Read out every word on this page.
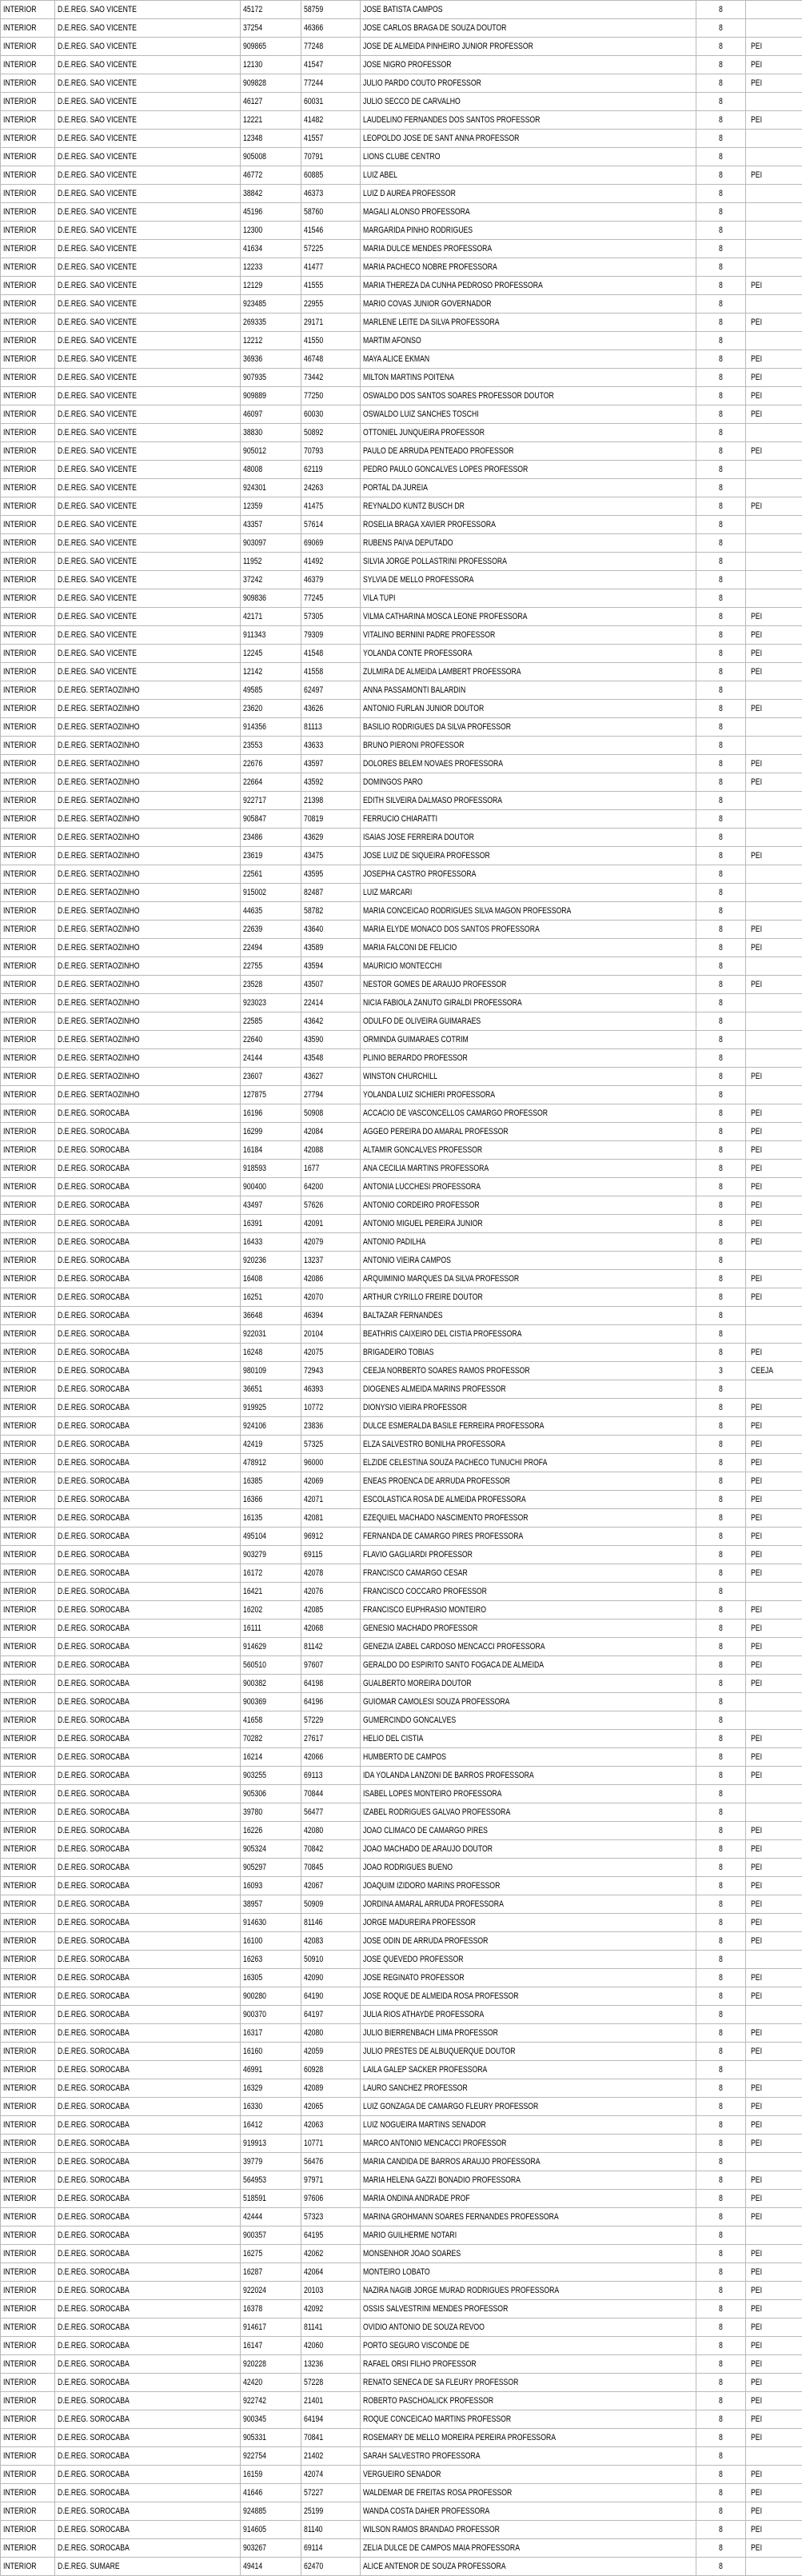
INTERIOR	D.E.REG. SAO VICENTE	45172	58759	JOSE BATISTA CAMPOS	8	
INTERIOR	D.E.REG. SAO VICENTE	37254	46366	JOSE CARLOS BRAGA DE SOUZA DOUTOR	8	
INTERIOR	D.E.REG. SAO VICENTE	909865	77248	JOSE DE ALMEIDA PINHEIRO JUNIOR PROFESSOR	8	PEI
INTERIOR	D.E.REG. SAO VICENTE	12130	41547	JOSE NIGRO PROFESSOR	8	PEI
INTERIOR	D.E.REG. SAO VICENTE	909828	77244	JULIO PARDO COUTO PROFESSOR	8	PEI
INTERIOR	D.E.REG. SAO VICENTE	46127	60031	JULIO SECCO DE CARVALHO	8	
INTERIOR	D.E.REG. SAO VICENTE	12221	41482	LAUDELINO FERNANDES DOS SANTOS PROFESSOR	8	PEI
INTERIOR	D.E.REG. SAO VICENTE	12348	41557	LEOPOLDO JOSE DE SANT ANNA PROFESSOR	8	
INTERIOR	D.E.REG. SAO VICENTE	905008	70791	LIONS CLUBE CENTRO	8	
INTERIOR	D.E.REG. SAO VICENTE	46772	60885	LUIZ ABEL	8	PEI
INTERIOR	D.E.REG. SAO VICENTE	38842	46373	LUIZ D AUREA PROFESSOR	8	
INTERIOR	D.E.REG. SAO VICENTE	45196	58760	MAGALI ALONSO PROFESSORA	8	
INTERIOR	D.E.REG. SAO VICENTE	12300	41546	MARGARIDA PINHO RODRIGUES	8	
INTERIOR	D.E.REG. SAO VICENTE	41634	57225	MARIA DULCE MENDES PROFESSORA	8	
INTERIOR	D.E.REG. SAO VICENTE	12233	41477	MARIA PACHECO NOBRE PROFESSORA	8	
INTERIOR	D.E.REG. SAO VICENTE	12129	41555	MARIA THEREZA DA CUNHA PEDROSO PROFESSORA	8	PEI
INTERIOR	D.E.REG. SAO VICENTE	923485	22955	MARIO COVAS JUNIOR GOVERNADOR	8	
INTERIOR	D.E.REG. SAO VICENTE	269335	29171	MARLENE LEITE DA SILVA PROFESSORA	8	PEI
INTERIOR	D.E.REG. SAO VICENTE	12212	41550	MARTIM AFONSO	8	
INTERIOR	D.E.REG. SAO VICENTE	36936	46748	MAYA ALICE EKMAN	8	PEI
INTERIOR	D.E.REG. SAO VICENTE	907935	73442	MILTON MARTINS POITENA	8	PEI
INTERIOR	D.E.REG. SAO VICENTE	909889	77250	OSWALDO DOS SANTOS SOARES PROFESSOR DOUTOR	8	PEI
INTERIOR	D.E.REG. SAO VICENTE	46097	60030	OSWALDO LUIZ SANCHES TOSCHI	8	PEI
INTERIOR	D.E.REG. SAO VICENTE	38830	50892	OTTONIEL JUNQUEIRA PROFESSOR	8	
INTERIOR	D.E.REG. SAO VICENTE	905012	70793	PAULO DE ARRUDA PENTEADO PROFESSOR	8	PEI
INTERIOR	D.E.REG. SAO VICENTE	48008	62119	PEDRO PAULO GONCALVES LOPES PROFESSOR	8	
INTERIOR	D.E.REG. SAO VICENTE	924301	24263	PORTAL DA JUREIA	8	
INTERIOR	D.E.REG. SAO VICENTE	12359	41475	REYNALDO KUNTZ BUSCH DR	8	PEI
INTERIOR	D.E.REG. SAO VICENTE	43357	57614	ROSELIA BRAGA XAVIER PROFESSORA	8	
INTERIOR	D.E.REG. SAO VICENTE	903097	69069	RUBENS PAIVA DEPUTADO	8	
INTERIOR	D.E.REG. SAO VICENTE	11952	41492	SILVIA JORGE POLLASTRINI PROFESSORA	8	
INTERIOR	D.E.REG. SAO VICENTE	37242	46379	SYLVIA DE MELLO PROFESSORA	8	
INTERIOR	D.E.REG. SAO VICENTE	909836	77245	VILA TUPI	8	
INTERIOR	D.E.REG. SAO VICENTE	42171	57305	VILMA CATHARINA MOSCA LEONE PROFESSORA	8	PEI
INTERIOR	D.E.REG. SAO VICENTE	911343	79309	VITALINO BERNINI PADRE PROFESSOR	8	PEI
INTERIOR	D.E.REG. SAO VICENTE	12245	41548	YOLANDA CONTE PROFESSORA	8	PEI
INTERIOR	D.E.REG. SAO VICENTE	12142	41558	ZULMIRA DE ALMEIDA LAMBERT PROFESSORA	8	PEI
INTERIOR	D.E.REG. SERTAOZINHO	49585	62497	ANNA PASSAMONTI BALARDIN	8	
INTERIOR	D.E.REG. SERTAOZINHO	23620	43626	ANTONIO FURLAN JUNIOR DOUTOR	8	PEI
INTERIOR	D.E.REG. SERTAOZINHO	914356	81113	BASILIO RODRIGUES DA SILVA PROFESSOR	8	
INTERIOR	D.E.REG. SERTAOZINHO	23553	43633	BRUNO PIERONI PROFESSOR	8	
INTERIOR	D.E.REG. SERTAOZINHO	22676	43597	DOLORES BELEM NOVAES PROFESSORA	8	PEI
INTERIOR	D.E.REG. SERTAOZINHO	22664	43592	DOMINGOS PARO	8	PEI
INTERIOR	D.E.REG. SERTAOZINHO	922717	21398	EDITH SILVEIRA DALMASO PROFESSORA	8	
INTERIOR	D.E.REG. SERTAOZINHO	905847	70819	FERRUCIO CHIARATTI	8	
INTERIOR	D.E.REG. SERTAOZINHO	23486	43629	ISAIAS JOSE FERREIRA DOUTOR	8	
INTERIOR	D.E.REG. SERTAOZINHO	23619	43475	JOSE LUIZ DE SIQUEIRA PROFESSOR	8	PEI
INTERIOR	D.E.REG. SERTAOZINHO	22561	43595	JOSEPHA CASTRO PROFESSORA	8	
INTERIOR	D.E.REG. SERTAOZINHO	915002	82487	LUIZ MARCARI	8	
INTERIOR	D.E.REG. SERTAOZINHO	44635	58782	MARIA CONCEICAO RODRIGUES SILVA MAGON PROFESSORA	8	
INTERIOR	D.E.REG. SERTAOZINHO	22639	43640	MARIA ELYDE MONACO DOS SANTOS PROFESSORA	8	PEI
INTERIOR	D.E.REG. SERTAOZINHO	22494	43589	MARIA FALCONI DE FELICIO	8	PEI
INTERIOR	D.E.REG. SERTAOZINHO	22755	43594	MAURICIO MONTECCHI	8	
INTERIOR	D.E.REG. SERTAOZINHO	23528	43507	NESTOR GOMES DE ARAUJO PROFESSOR	8	PEI
INTERIOR	D.E.REG. SERTAOZINHO	923023	22414	NICIA FABIOLA ZANUTO GIRALDI PROFESSORA	8	
INTERIOR	D.E.REG. SERTAOZINHO	22585	43642	ODULFO DE OLIVEIRA GUIMARAES	8	
INTERIOR	D.E.REG. SERTAOZINHO	22640	43590	ORMINDA GUIMARAES COTRIM	8	
INTERIOR	D.E.REG. SERTAOZINHO	24144	43548	PLINIO BERARDO PROFESSOR	8	
INTERIOR	D.E.REG. SERTAOZINHO	23607	43627	WINSTON CHURCHILL	8	PEI
INTERIOR	D.E.REG. SERTAOZINHO	127875	27794	YOLANDA LUIZ SICHIERI PROFESSORA	8	
INTERIOR	D.E.REG. SOROCABA	16196	50908	ACCACIO DE VASCONCELLOS CAMARGO PROFESSOR	8	PEI
INTERIOR	D.E.REG. SOROCABA	16299	42084	AGGEO PEREIRA DO AMARAL PROFESSOR	8	PEI
INTERIOR	D.E.REG. SOROCABA	16184	42088	ALTAMIR GONCALVES PROFESSOR	8	PEI
INTERIOR	D.E.REG. SOROCABA	918593	1677	ANA CECILIA MARTINS PROFESSORA	8	PEI
INTERIOR	D.E.REG. SOROCABA	900400	64200	ANTONIA LUCCHESI PROFESSORA	8	PEI
INTERIOR	D.E.REG. SOROCABA	43497	57626	ANTONIO CORDEIRO PROFESSOR	8	PEI
INTERIOR	D.E.REG. SOROCABA	16391	42091	ANTONIO MIGUEL PEREIRA JUNIOR	8	PEI
INTERIOR	D.E.REG. SOROCABA	16433	42079	ANTONIO PADILHA	8	PEI
INTERIOR	D.E.REG. SOROCABA	920236	13237	ANTONIO VIEIRA CAMPOS	8	
INTERIOR	D.E.REG. SOROCABA	16408	42086	ARQUIMINIO MARQUES DA SILVA PROFESSOR	8	PEI
INTERIOR	D.E.REG. SOROCABA	16251	42070	ARTHUR CYRILLO FREIRE DOUTOR	8	PEI
INTERIOR	D.E.REG. SOROCABA	36648	46394	BALTAZAR FERNANDES	8	
INTERIOR	D.E.REG. SOROCABA	922031	20104	BEATHRIS CAIXEIRO DEL CISTIA PROFESSORA	8	
INTERIOR	D.E.REG. SOROCABA	16248	42075	BRIGADEIRO TOBIAS	8	PEI
INTERIOR	D.E.REG. SOROCABA	980109	72943	CEEJA NORBERTO SOARES RAMOS PROFESSOR	3	CEEJA
INTERIOR	D.E.REG. SOROCABA	36651	46393	DIOGENES ALMEIDA MARINS PROFESSOR	8	
INTERIOR	D.E.REG. SOROCABA	919925	10772	DIONYSIO VIEIRA PROFESSOR	8	PEI
INTERIOR	D.E.REG. SOROCABA	924106	23836	DULCE ESMERALDA BASILE FERREIRA PROFESSORA	8	PEI
INTERIOR	D.E.REG. SOROCABA	42419	57325	ELZA SALVESTRO BONILHA PROFESSORA	8	PEI
INTERIOR	D.E.REG. SOROCABA	478912	96000	ELZIDE CELESTINA SOUZA PACHECO TUNUCHI PROFA	8	PEI
INTERIOR	D.E.REG. SOROCABA	16385	42069	ENEAS PROENCA DE ARRUDA PROFESSOR	8	PEI
INTERIOR	D.E.REG. SOROCABA	16366	42071	ESCOLASTICA ROSA DE ALMEIDA PROFESSORA	8	PEI
INTERIOR	D.E.REG. SOROCABA	16135	42081	EZEQUIEL MACHADO NASCIMENTO PROFESSOR	8	PEI
INTERIOR	D.E.REG. SOROCABA	495104	96912	FERNANDA DE CAMARGO PIRES PROFESSORA	8	PEI
INTERIOR	D.E.REG. SOROCABA	903279	69115	FLAVIO GAGLIARDI PROFESSOR	8	PEI
INTERIOR	D.E.REG. SOROCABA	16172	42078	FRANCISCO CAMARGO CESAR	8	PEI
INTERIOR	D.E.REG. SOROCABA	16421	42076	FRANCISCO COCCARO PROFESSOR	8	
INTERIOR	D.E.REG. SOROCABA	16202	42085	FRANCISCO EUPHRASIO MONTEIRO	8	PEI
INTERIOR	D.E.REG. SOROCABA	16111	42068	GENESIO MACHADO PROFESSOR	8	PEI
INTERIOR	D.E.REG. SOROCABA	914629	81142	GENEZIA IZABEL CARDOSO MENCACCI PROFESSORA	8	PEI
INTERIOR	D.E.REG. SOROCABA	560510	97607	GERALDO DO ESPIRITO SANTO FOGACA DE ALMEIDA	8	PEI
INTERIOR	D.E.REG. SOROCABA	900382	64198	GUALBERTO MOREIRA DOUTOR	8	PEI
INTERIOR	D.E.REG. SOROCABA	900369	64196	GUIOMAR CAMOLESI SOUZA PROFESSORA	8	
INTERIOR	D.E.REG. SOROCABA	41658	57229	GUMERCINDO GONCALVES	8	
INTERIOR	D.E.REG. SOROCABA	70282	27617	HELIO DEL CISTIA	8	PEI
INTERIOR	D.E.REG. SOROCABA	16214	42066	HUMBERTO DE CAMPOS	8	PEI
INTERIOR	D.E.REG. SOROCABA	903255	69113	IDA YOLANDA LANZONI DE BARROS PROFESSORA	8	PEI
INTERIOR	D.E.REG. SOROCABA	905306	70844	ISABEL LOPES MONTEIRO PROFESSORA	8	
INTERIOR	D.E.REG. SOROCABA	39780	56477	IZABEL RODRIGUES GALVAO PROFESSORA	8	
INTERIOR	D.E.REG. SOROCABA	16226	42080	JOAO CLIMACO DE CAMARGO PIRES	8	PEI
INTERIOR	D.E.REG. SOROCABA	905324	70842	JOAO MACHADO DE ARAUJO DOUTOR	8	PEI
INTERIOR	D.E.REG. SOROCABA	905297	70845	JOAO RODRIGUES BUENO	8	PEI
INTERIOR	D.E.REG. SOROCABA	16093	42067	JOAQUIM IZIDORO MARINS PROFESSOR	8	PEI
INTERIOR	D.E.REG. SOROCABA	38957	50909	JORDINA AMARAL ARRUDA PROFESSORA	8	PEI
INTERIOR	D.E.REG. SOROCABA	914630	81146	JORGE MADUREIRA PROFESSOR	8	PEI
INTERIOR	D.E.REG. SOROCABA	16100	42083	JOSE ODIN DE ARRUDA PROFESSOR	8	PEI
INTERIOR	D.E.REG. SOROCABA	16263	50910	JOSE QUEVEDO PROFESSOR	8	
INTERIOR	D.E.REG. SOROCABA	16305	42090	JOSE REGINATO PROFESSOR	8	PEI
INTERIOR	D.E.REG. SOROCABA	900280	64190	JOSE ROQUE DE ALMEIDA ROSA PROFESSOR	8	PEI
INTERIOR	D.E.REG. SOROCABA	900370	64197	JULIA RIOS ATHAYDE PROFESSORA	8	
INTERIOR	D.E.REG. SOROCABA	16317	42080	JULIO BIERRENBACH LIMA PROFESSOR	8	PEI
INTERIOR	D.E.REG. SOROCABA	16160	42059	JULIO PRESTES DE ALBUQUERQUE DOUTOR	8	PEI
INTERIOR	D.E.REG. SOROCABA	46991	60928	LAILA GALEP SACKER PROFESSORA	8	
INTERIOR	D.E.REG. SOROCABA	16329	42089	LAURO SANCHEZ PROFESSOR	8	PEI
INTERIOR	D.E.REG. SOROCABA	16330	42065	LUIZ GONZAGA DE CAMARGO FLEURY PROFESSOR	8	PEI
INTERIOR	D.E.REG. SOROCABA	16412	42063	LUIZ NOGUEIRA MARTINS SENADOR	8	PEI
INTERIOR	D.E.REG. SOROCABA	919913	10771	MARCO ANTONIO MENCACCI PROFESSOR	8	PEI
INTERIOR	D.E.REG. SOROCABA	39779	56476	MARIA CANDIDA DE BARROS ARAUJO PROFESSORA	8	
INTERIOR	D.E.REG. SOROCABA	564953	97971	MARIA HELENA GAZZI BONADIO PROFESSORA	8	PEI
INTERIOR	D.E.REG. SOROCABA	518591	97606	MARIA ONDINA ANDRADE PROF	8	PEI
INTERIOR	D.E.REG. SOROCABA	42444	57323	MARINA GROHMANN SOARES FERNANDES PROFESSORA	8	PEI
INTERIOR	D.E.REG. SOROCABA	900357	64195	MARIO GUILHERME NOTARI	8	
INTERIOR	D.E.REG. SOROCABA	16275	42062	MONSENHOR JOAO SOARES	8	PEI
INTERIOR	D.E.REG. SOROCABA	16287	42064	MONTEIRO LOBATO	8	PEI
INTERIOR	D.E.REG. SOROCABA	922024	20103	NAZIRA NAGIB JORGE MURAD RODRIGUES PROFESSORA	8	PEI
INTERIOR	D.E.REG. SOROCABA	16378	42092	OSSIS SALVESTRINI MENDES PROFESSOR	8	PEI
INTERIOR	D.E.REG. SOROCABA	914617	81141	OVIDIO ANTONIO DE SOUZA REVOO	8	PEI
INTERIOR	D.E.REG. SOROCABA	16147	42060	PORTO SEGURO VISCONDE DE	8	PEI
INTERIOR	D.E.REG. SOROCABA	920228	13236	RAFAEL ORSI FILHO PROFESSOR	8	PEI
INTERIOR	D.E.REG. SOROCABA	42420	57228	RENATO SENECA DE SA FLEURY PROFESSOR	8	PEI
INTERIOR	D.E.REG. SOROCABA	922742	21401	ROBERTO PASCHOALICK PROFESSOR	8	PEI
INTERIOR	D.E.REG. SOROCABA	900345	64194	ROQUE CONCEICAO MARTINS PROFESSOR	8	PEI
INTERIOR	D.E.REG. SOROCABA	905331	70841	ROSEMARY DE MELLO MOREIRA PEREIRA PROFESSORA	8	PEI
INTERIOR	D.E.REG. SOROCABA	922754	21402	SARAH SALVESTRO PROFESSORA	8	
INTERIOR	D.E.REG. SOROCABA	16159	42074	VERGUEIRO SENADOR	8	PEI
INTERIOR	D.E.REG. SOROCABA	41646	57227	WALDEMAR DE FREITAS ROSA PROFESSOR	8	PEI
INTERIOR	D.E.REG. SOROCABA	924885	25199	WANDA COSTA DAHER PROFESSORA	8	PEI
INTERIOR	D.E.REG. SOROCABA	914605	81140	WILSON RAMOS BRANDAO PROFESSOR	8	PEI
INTERIOR	D.E.REG. SOROCABA	903267	69114	ZELIA DULCE DE CAMPOS MAIA PROFESSORA	8	PEI
INTERIOR	D.E.REG. SUMARE	49414	62470	ALICE ANTENOR DE SOUZA PROFESSORA	8	
